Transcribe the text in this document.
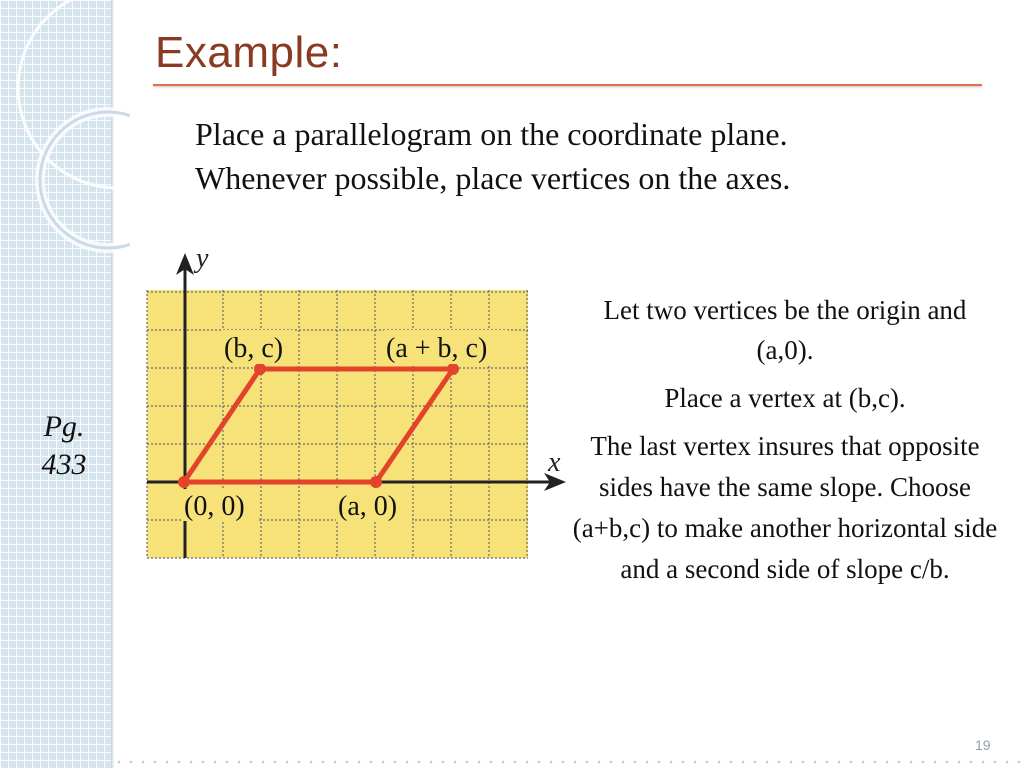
Example:

Place a parallelogram on the coordinate plane.

Whenever possible, place vertices on the axes.

Pg.
433
y
x
(b, c)	(a + b, c)
(0, 0)	(a, 0)

Let two vertices be the origin and (a,0).

Place a vertex at (b,c).

The last vertex insures that opposite sides have the same slope. Choose (a+b,c) to make another horizontal side and a second side of slope c/b.

19
